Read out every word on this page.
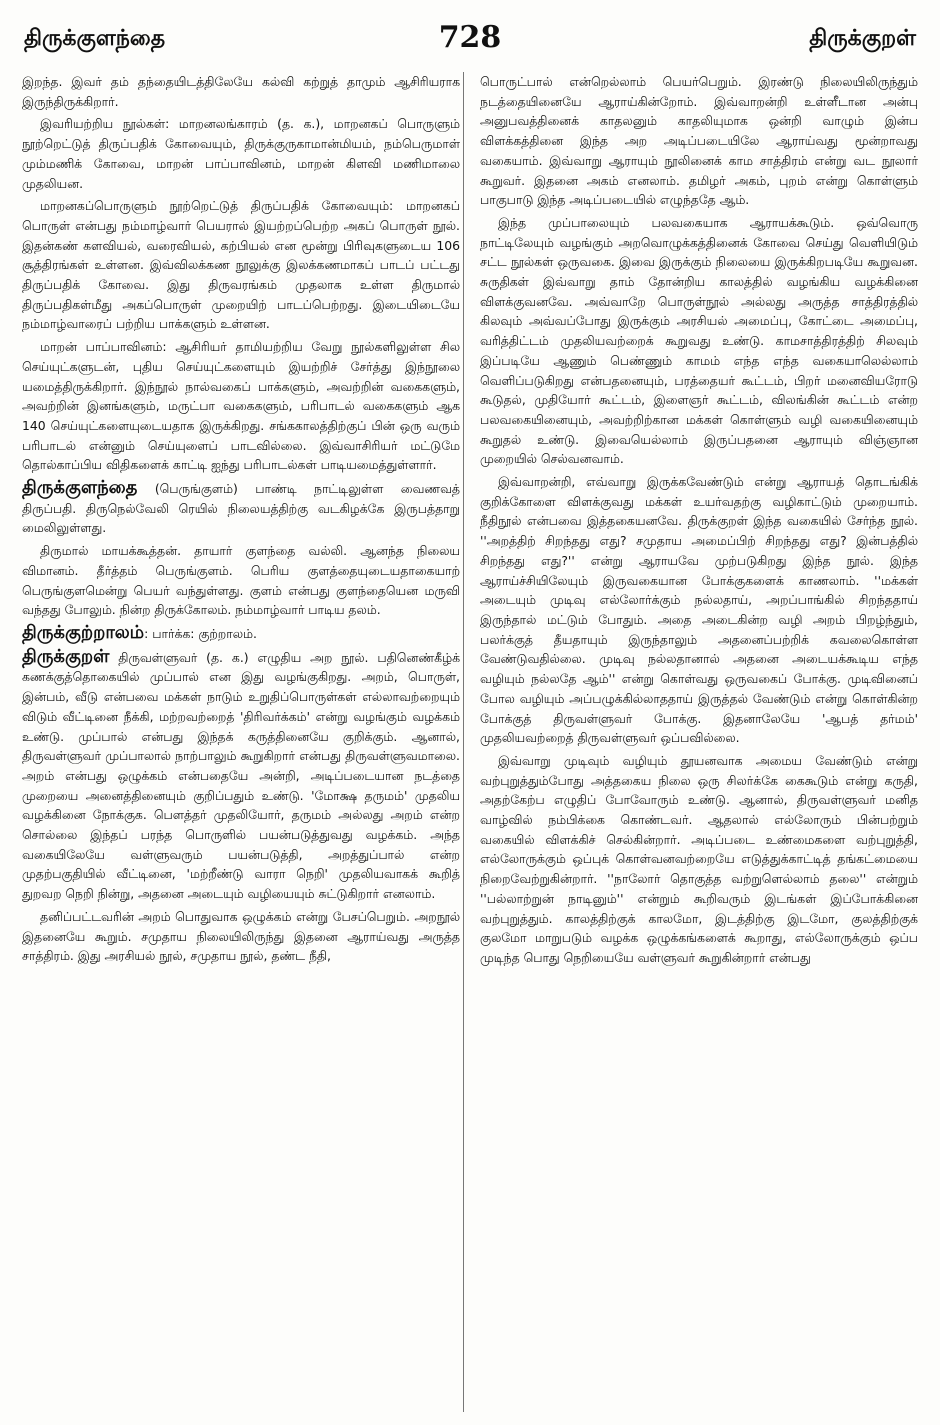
திருக்குளந்தை	728	திருக்குறள்

இறந்த. இவர் தம் தந்தையிடத்திலேயே கல்வி கற்றுத் தாமும் ஆசிரியராக இருந்திருக்கிறார்.

இவரியற்றிய நூல்கள்: மாறனலங்காரம் (த. க.), மாறனகப் பொருளும் நூற்றெட்டுத் திருப்பதிக் கோவையும், திருக்குருகாமான்மியம், நம்பெருமாள் மும்மணிக் கோவை, மாறன் பாப்பாவினம், மாறன் கிளவி மணிமாலை முதலியன.

மாறனகப்பொருளும் நூற்றெட்டுத் திருப்பதிக் கோவையும்: மாறனகப் பொருள் என்பது நம்மாழ்வார் பெயரால் இயற்றப்பெற்ற அகப் பொருள் நூல். இதன்கண் களவியல், வரைவியல், கற்பியல் என மூன்று பிரிவுகளுடைய 106 சூத்திரங்கள் உள்ளன. இவ்விலக்கண நூலுக்கு இலக்கணமாகப் பாடப் பட்டது திருப்பதிக் கோவை. இது திருவரங்கம் முதலாக உள்ள திருமால் திருப்பதிகள்மீது அகப்பொருள் முறையிற் பாடப்பெற்றது. இடையிடையே நம்மாழ்வாரைப் பற்றிய பாக்களும் உள்ளன.

மாறன் பாப்பாவினம்: ஆசிரியர் தாமியற்றிய வேறு நூல்களிலுள்ள சில செய்யுட்களுடன், புதிய செய்யுட்களையும் இயற்றிச் சேர்த்து இந்நூலை யமைத்திருக்கிறார். இந்நூல் நால்வகைப் பாக்களும், அவற்றின் வகைகளும், அவற்றின் இனங்களும், மருட்பா வகைகளும், பரிபாடல் வகைகளும் ஆக 140 செய்யுட்களையுடையதாக இருக்கிறது. சங்ககாலத்திற்குப் பின் ஒரு வரும் பரிபாடல் என்னும் செய்யுளைப் பாடவில்லை. இவ்வாசிரியர் மட்டுமே தொல்காப்பிய விதிகளைக் காட்டி ஐந்து பரிபாடல்கள் பாடியமைத்துள்ளார்.

திருக்குளந்தை (பெருங்குளம்) பாண்டி நாட்டிலுள்ள வைணவத் திருப்பதி. திருநெல்வேலி ரெயில் நிலையத்திற்கு வடகிழக்கே இருபத்தாறு மைலிலுள்ளது.

திருமால் மாயக்கூத்தன். தாயார் குளந்தை வல்லி. ஆனந்த நிலைய விமானம். தீர்த்தம் பெருங்குளம். பெரிய குளத்தையுடையதாகையாற் பெருங்குளமென்று பெயர் வந்துள்ளது. குளம் என்பது குளந்தையென மருவி வந்தது போலும். நின்ற திருக்கோலம். நம்மாழ்வார் பாடிய தலம்.

திருக்குற்றாலம்: பார்க்க: குற்றாலம்.

திருக்குறள் திருவள்ளுவர் (த. க.) எழுதிய அற நூல். பதினெண்கீழ்க் கணக்குத்தொகையில் முப்பால் என இது வழங்குகிறது. அறம், பொருள், இன்பம், வீடு என்பவை மக்கள் நாடும் உறுதிப்பொருள்கள் எல்லாவற்றையும் விடும் வீட்டினை நீக்கி, மற்றவற்றைத் 'திரிவர்க்கம்' என்று வழங்கும் வழக்கம் உண்டு. முப்பால் என்பது இந்தக் கருத்தினையே குறிக்கும். ஆனால், திருவள்ளுவர் முப்பாலால் நாற்பாலும் கூறுகிறார் என்பது திருவள்ளுவமாலை. அறம் என்பது ஒழுக்கம் என்பதையே அன்றி, அடிப்படையான நடத்தை முறையை அனைத்தினையும் குறிப்பதும் உண்டு. 'மோக்ஷ தருமம்' முதலிய வழக்கினை நோக்குக. பௌத்தர் முதலியோர், தருமம் அல்லது அறம் என்ற சொல்லை இந்தப் பரந்த பொருளில் பயன்படுத்துவது வழக்கம். அந்த வகையிலேயே வள்ளுவரும் பயன்படுத்தி, அறத்துப்பால் என்ற முதற்பகுதியில் வீட்டினை, 'மற்றீண்டு வாரா நெறி' முதலியவாகக் கூறித் துறவற நெறி நின்று, அதனை அடையும் வழியையும் சுட்டுகிறார் எனலாம்.

தனிப்பட்டவரின் அறம் பொதுவாக ஒழுக்கம் என்று பேசப்பெறும். அறநூல் இதனையே கூறும். சமுதாய நிலையிலிருந்து இதனை ஆராய்வது அருத்த சாத்திரம். இது அரசியல் நூல், சமுதாய நூல், தண்ட நீதி,

பொருட்பால் என்றெல்லாம் பெயர்பெறும். இரண்டு நிலையிலிருந்தும் நடத்தையினையே ஆராய்கின்றோம். இவ்வாறன்றி உள்ளீடான அன்பு அனுபவத்தினைக் காதலனும் காதலியுமாக ஒன்றி வாழும் இன்ப விளக்கத்தினை இந்த அற அடிப்படையிலே ஆராய்வது மூன்றாவது வகையாம். இவ்வாறு ஆராயும் நூலினைக் காம சாத்திரம் என்று வட நூலார் கூறுவர். இதனை அகம் எனலாம். தமிழர் அகம், புறம் என்று கொள்ளும் பாகுபாடு இந்த அடிப்படையில் எழுந்ததே ஆம்.

இந்த முப்பாலையும் பலவகையாக ஆராயக்கூடும். ஒவ்வொரு நாட்டிலேயும் வழங்கும் அறவொழுக்கத்தினைக் கோவை செய்து வெளியிடும் சட்ட நூல்கள் ஒருவகை. இவை இருக்கும் நிலையை இருக்கிறபடியே கூறுவன. சுருதிகள் இவ்வாறு தாம் தோன்றிய காலத்தில் வழங்கிய வழக்கினை விளக்குவனவே. அவ்வாறே பொருள்நூல் அல்லது அருத்த சாத்திரத்தில் கிலவும் அவ்வப்போது இருக்கும் அரசியல் அமைப்பு, கோட்டை அமைப்பு, வரித்திட்டம் முதலியவற்றைக் கூறுவது உண்டு. காமசாத்திரத்திற் சிலவும் இப்படியே ஆணும் பெண்ணும் காமம் எந்த எந்த வகையாலெல்லாம் வெளிப்படுகிறது என்பதனையும், பரத்தையர் கூட்டம், பிறர் மனைவியரோடு கூடுதல், முதியோர் கூட்டம், இளைஞர் கூட்டம், விலங்கின் கூட்டம் என்ற பலவகையினையும், அவற்றிற்கான மக்கள் கொள்ளும் வழி வகையினையும் கூறுதல் உண்டு. இவையெல்லாம் இருப்பதனை ஆராயும் விஞ்ஞான முறையில் செல்வனவாம்.

இவ்வாறன்றி, எவ்வாறு இருக்கவேண்டும் என்று ஆராயத் தொடங்கிக் குறிக்கோளை விளக்குவது மக்கள் உயர்வதற்கு வழிகாட்டும் முறையாம். நீதிநூல் என்பவை இத்தகையனவே. திருக்குறள் இந்த வகையில் சேர்ந்த நூல். ''அறத்திற் சிறந்தது எது? சமுதாய அமைப்பிற் சிறந்தது எது? இன்பத்தில் சிறந்தது எது?'' என்று ஆராயவே முற்படுகிறது இந்த நூல். இந்த ஆராய்ச்சியிலேயும் இருவகையான போக்குகளைக் காணலாம். ''மக்கள் அடையும் முடிவு எல்லோர்க்கும் நல்லதாய், அறப்பாங்கில் சிறந்ததாய் இருந்தால் மட்டும் போதும். அதை அடைகின்ற வழி அறம் பிறழ்ந்தும், பலர்க்குத் தீயதாயும் இருந்தாலும் அதனைப்பற்றிக் கவலைகொள்ள வேண்டுவதில்லை. முடிவு நல்லதானால் அதனை அடையக்கூடிய எந்த வழியும் நல்லதே ஆம்'' என்று கொள்வது ஒருவகைப் போக்கு. முடிவினைப் போல வழியும் அப்பழுக்கில்லாததாய் இருத்தல் வேண்டும் என்று கொள்கின்ற போக்குத் திருவள்ளுவர் போக்கு. இதனாலேயே 'ஆபத் தர்மம்' முதலியவற்றைத் திருவள்ளுவர் ஒப்பவில்லை.

இவ்வாறு முடிவும் வழியும் தூயனவாக அமைய வேண்டும் என்று வற்புறுத்தும்போது அத்தகைய நிலை ஒரு சிலர்க்கே கைகூடும் என்று கருதி, அதற்கேற்ப எழுதிப் போவோரும் உண்டு. ஆனால், திருவள்ளுவர் மனித வாழ்வில் நம்பிக்கை கொண்டவர். ஆதலால் எல்லோரும் பின்பற்றும் வகையில் விளக்கிச் செல்கின்றார். அடிப்படை உண்மைகளை வற்புறுத்தி, எல்லோருக்கும் ஒப்புக் கொள்வனவற்றையே எடுத்துக்காட்டித் தங்கட்மையை நிறைவேற்றுகின்றார். ''நாலோர் தொகுத்த வற்றுளெல்லாம் தலை'' என்றும் ''பல்லாற்றுன் நாடினும்'' என்றும் கூறிவரும் இடங்கள் இப்போக்கினை வற்புறுத்தும். காலத்திற்குக் காலமோ, இடத்திற்கு இடமோ, குலத்திற்குக் குலமோ மாறுபடும் வழக்க ஒழுக்கங்களைக் கூறாது, எல்லோருக்கும் ஒப்ப முடிந்த பொது நெறியையே வள்ளுவர் கூறுகின்றார் என்பது
